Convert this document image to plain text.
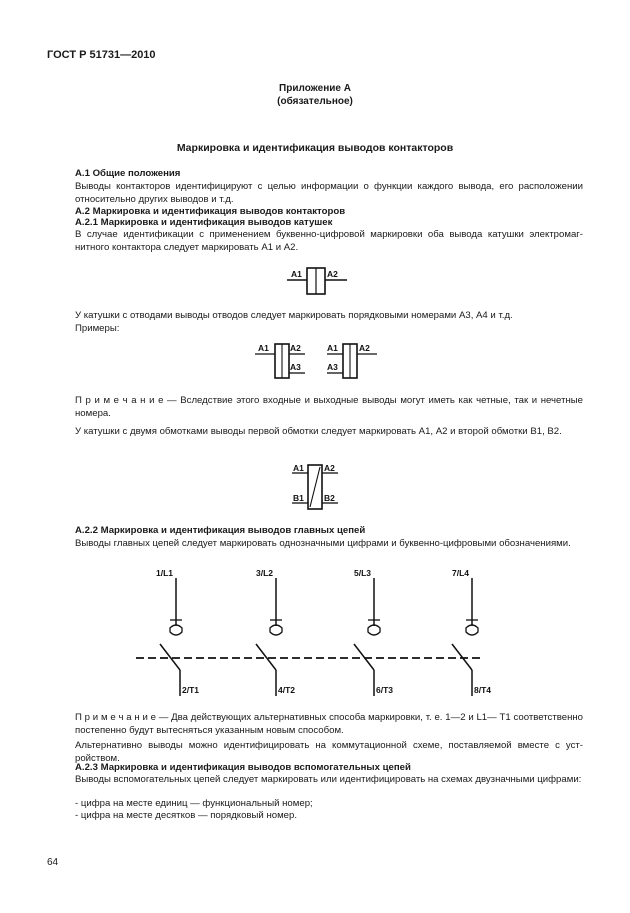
ГОСТ Р 51731—2010
Приложение А
(обязательное)
Маркировка и идентификация выводов контакторов
А.1 Общие положения
Выводы контакторов идентифицируют с целью информации о функции каждого вывода, его расположении относительно других выводов и т.д.
А.2 Маркировка и идентификация выводов контакторов
А.2.1 Маркировка и идентификация выводов катушек
В случае идентификации с применением буквенно-цифровой маркировки оба вывода катушки электромагнитного контактора следует маркировать А1 и А2.
A1	A2
У катушки с отводами выводы отводов следует маркировать порядковыми номерами А3, А4 и т.д.
Примеры:
A1 A2
A3
A1 A2
A3
П р и м е ч а н и е — Вследствие этого входные и выходные выводы могут иметь как четные, так и нечетные номера.
У катушки с двумя обмотками выводы первой обмотки следует маркировать А1, А2 и второй обмотки В1, В2.
A1 A2
B1 B2
А.2.2 Маркировка и идентификация выводов главных цепей
Выводы главных цепей следует маркировать однозначными цифрами и буквенно-цифровыми обозначениями.
1/L1
2/T1
3/L2
4/T2
5/L3
6/T3
7/L4
8/T4
П р и м е ч а н и е — Два действующих альтернативных способа маркировки, т. е. 1—2 и L1— Т1 соответственно постепенно будут вытесняться указанным новым способом.
Альтернативно выводы можно идентифицировать на коммутационной схеме, поставляемой вместе с устройством.
А.2.3 Маркировка и идентификация выводов вспомогательных цепей
Выводы вспомогательных цепей следует маркировать или идентифицировать на схемах двузначными цифрами:
- цифра на месте единиц — функциональный номер;
- цифра на месте десятков — порядковый номер.
64
